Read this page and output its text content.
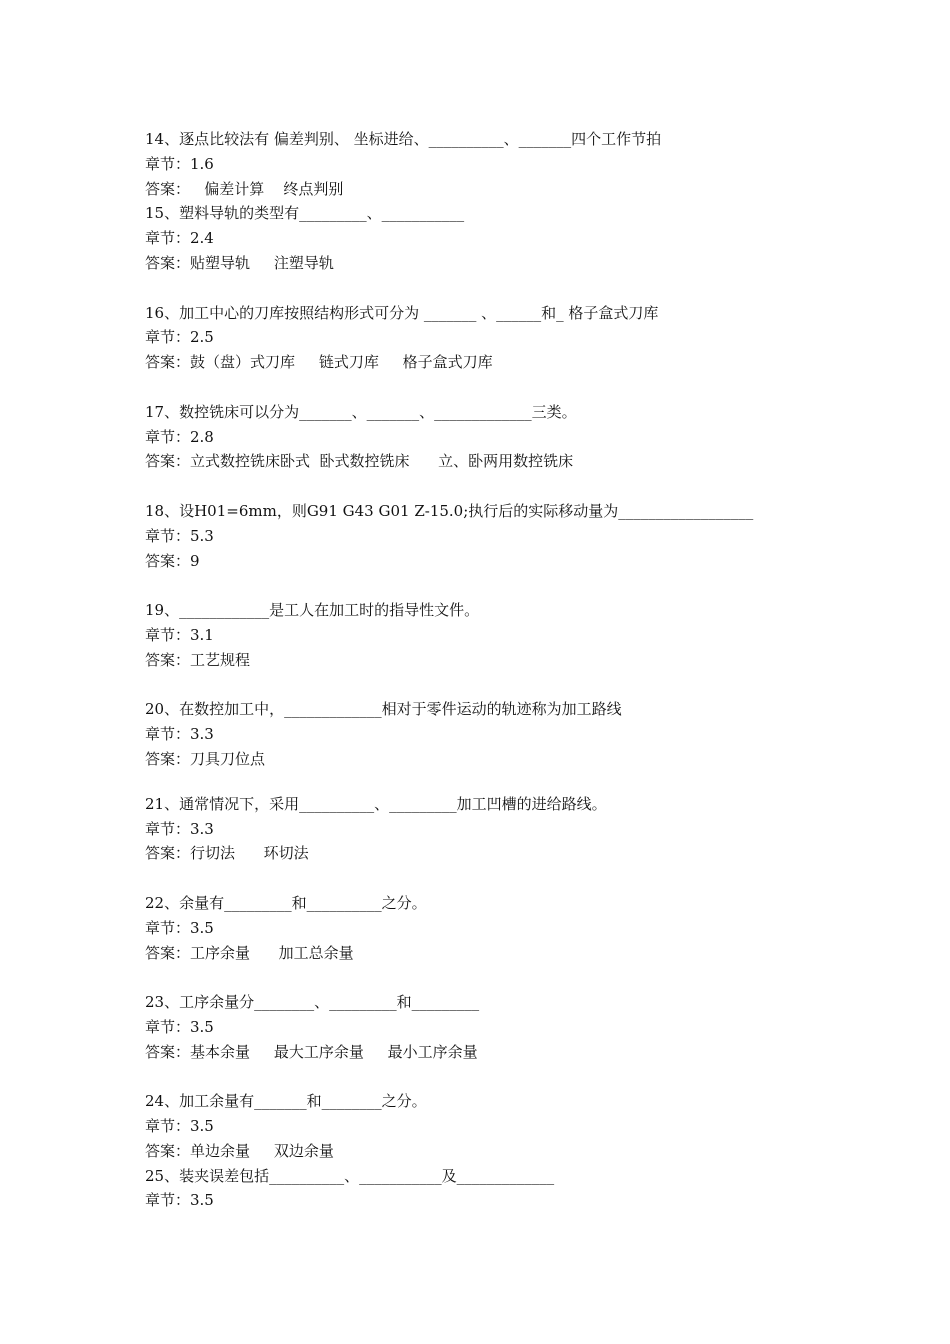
14、逐点比较法有 偏差判别、 坐标进给、__________、_______四个工作节拍
章节：1.6
答案：   偏差计算    终点判别
15、塑料导轨的类型有_________、___________
章节：2.4
答案：贴塑导轨     注塑导轨
16、加工中心的刀库按照结构形式可分为 _______ 、______和_ 格子盒式刀库
章节：2.5
答案：鼓（盘）式刀库     链式刀库     格子盒式刀库
17、数控铣床可以分为_______、_______、_____________三类。
章节：2.8
答案：立式数控铣床卧式  卧式数控铣床      立、卧两用数控铣床
18、设H01=6mm，则G91 G43 G01 Z-15.0;执行后的实际移动量为__________________
章节：5.3
答案：9
19、____________是工人在加工时的指导性文件。
章节：3.1
答案：工艺规程
20、在数控加工中，_____________相对于零件运动的轨迹称为加工路线
章节：3.3
答案：刀具刀位点
21、通常情况下，采用__________、_________加工凹槽的进给路线。
章节：3.3
答案：行切法      环切法
22、余量有_________和__________之分。
章节：3.5
答案：工序余量      加工总余量
23、工序余量分________、_________和_________
章节：3.5
答案：基本余量     最大工序余量     最小工序余量
24、加工余量有_______和________之分。
章节：3.5
答案：单边余量     双边余量
25、装夹误差包括__________、___________及_____________
章节：3.5
